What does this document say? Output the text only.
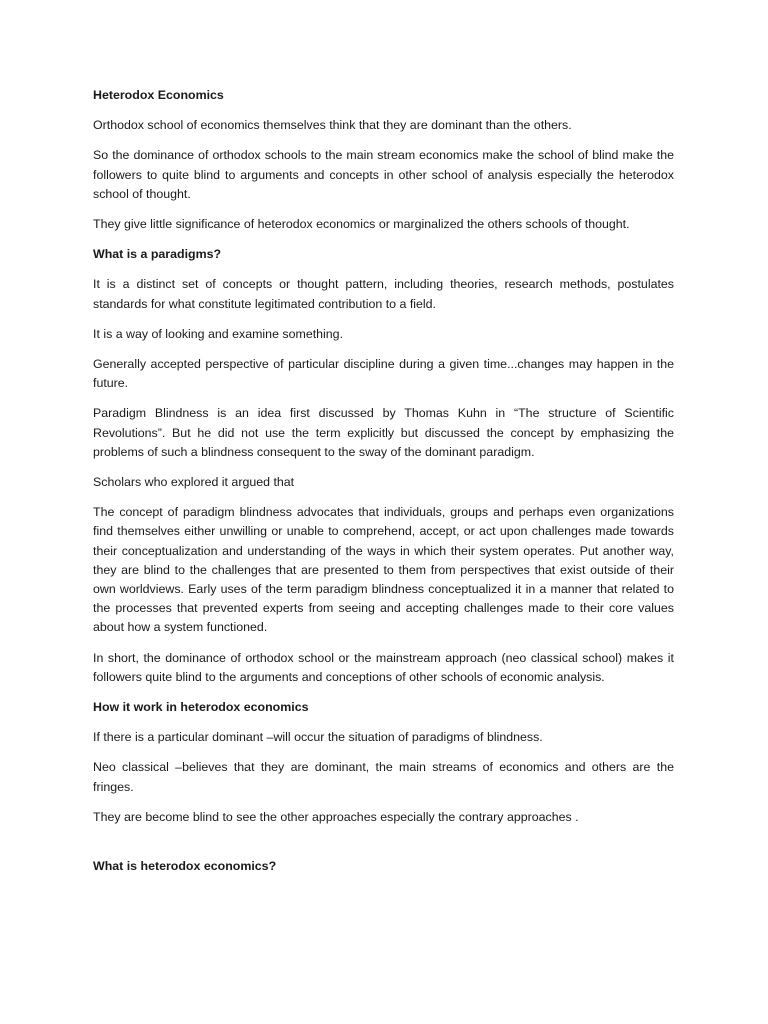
Heterodox Economics

Orthodox school of economics themselves think that they are dominant than the others.

So the dominance of orthodox schools to the main stream economics make the school of blind make the followers to quite blind to arguments and concepts in other school of analysis especially the heterodox school of thought.

They give little significance of heterodox economics or marginalized the others schools of thought.

What is a paradigms?

It is a distinct set of concepts or thought pattern, including theories, research methods, postulates standards for what constitute legitimated contribution to a field.

It is a way of looking and examine something.

Generally accepted perspective of particular discipline during a given time...changes may happen in the future.

Paradigm Blindness is an idea first discussed by Thomas Kuhn in “The structure of Scientific Revolutions”. But he did not use the term explicitly but discussed the concept by emphasizing the problems of such a blindness consequent to the sway of the dominant paradigm.

Scholars who explored it argued that

The concept of paradigm blindness advocates that individuals, groups and perhaps even organizations find themselves either unwilling or unable to comprehend, accept, or act upon challenges made towards their conceptualization and understanding of the ways in which their system operates. Put another way, they are blind to the challenges that are presented to them from perspectives that exist outside of their own worldviews. Early uses of the term paradigm blindness conceptualized it in a manner that related to the processes that prevented experts from seeing and accepting challenges made to their core values about how a system functioned.

In short, the dominance of orthodox school or the mainstream approach (neo classical school) makes it followers quite blind to the arguments and conceptions of other schools of economic analysis.

How it work in heterodox economics

If there is a particular dominant –will occur the situation of paradigms of blindness.

Neo classical –believes that they are dominant, the main streams of economics and others are the fringes.

They are become blind to see the other approaches especially the contrary approaches .

What is heterodox economics?
